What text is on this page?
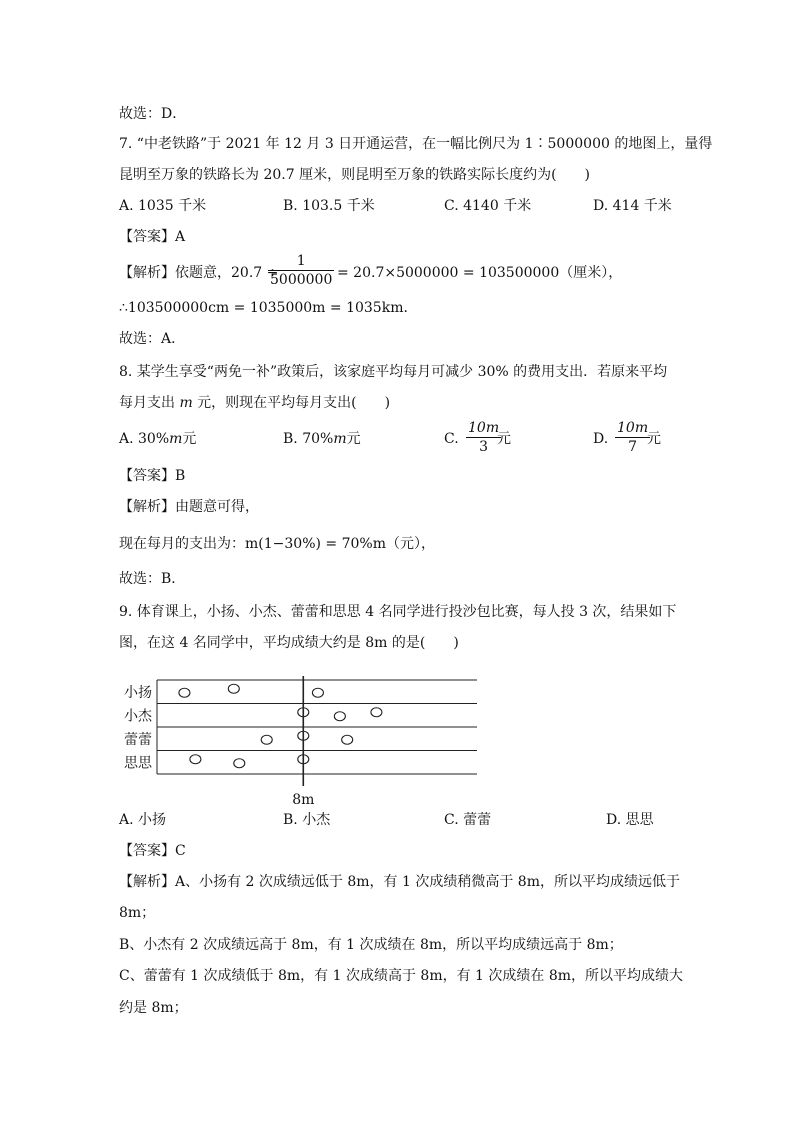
故选：D．
7. “中老铁路”于 2021 年 12 月 3 日开通运营，在一幅比例尺为 1∶5000000 的地图上，量得
昆明至万象的铁路长为 20.7 厘米，则昆明至万象的铁路实际长度约为(　　)
A. 1035 千米	B. 103.5 千米	C. 4140 千米	D. 414 千米
【答案】A
【解析】依题意，20.7 ÷
1
5000000 = 20.7×5000000 = 103500000（厘米），
∴103500000cm = 1035000m = 1035km．
故选：A．
8. 某学生享受“两免一补”政策后，该家庭平均每月可减少 30% 的费用支出．若原来平均
每月支出 m 元，则现在平均每月支出(　　)
A. 30%m元	B. 70%m元	C.
10m
3 元	D.
10m
7 元
【答案】B
【解析】由题意可得，
现在每月的支出为：m(1−30%) = 70%m（元），
故选：B．
9. 体育课上，小扬、小杰、蕾蕾和思思 4 名同学进行投沙包比赛，每人投 3 次，结果如下
图，在这 4 名同学中，平均成绩大约是 8m 的是(　　)
8m
小扬
小杰
蕾蕾
思思
A. 小扬	B. 小杰	C. 蕾蕾	D. 思思
【答案】C
【解析】A、小扬有 2 次成绩远低于 8m，有 1 次成绩稍微高于 8m，所以平均成绩远低于
8m；
B、小杰有 2 次成绩远高于 8m，有 1 次成绩在 8m，所以平均成绩远高于 8m；
C、蕾蕾有 1 次成绩低于 8m，有 1 次成绩高于 8m，有 1 次成绩在 8m，所以平均成绩大
约是 8m；
